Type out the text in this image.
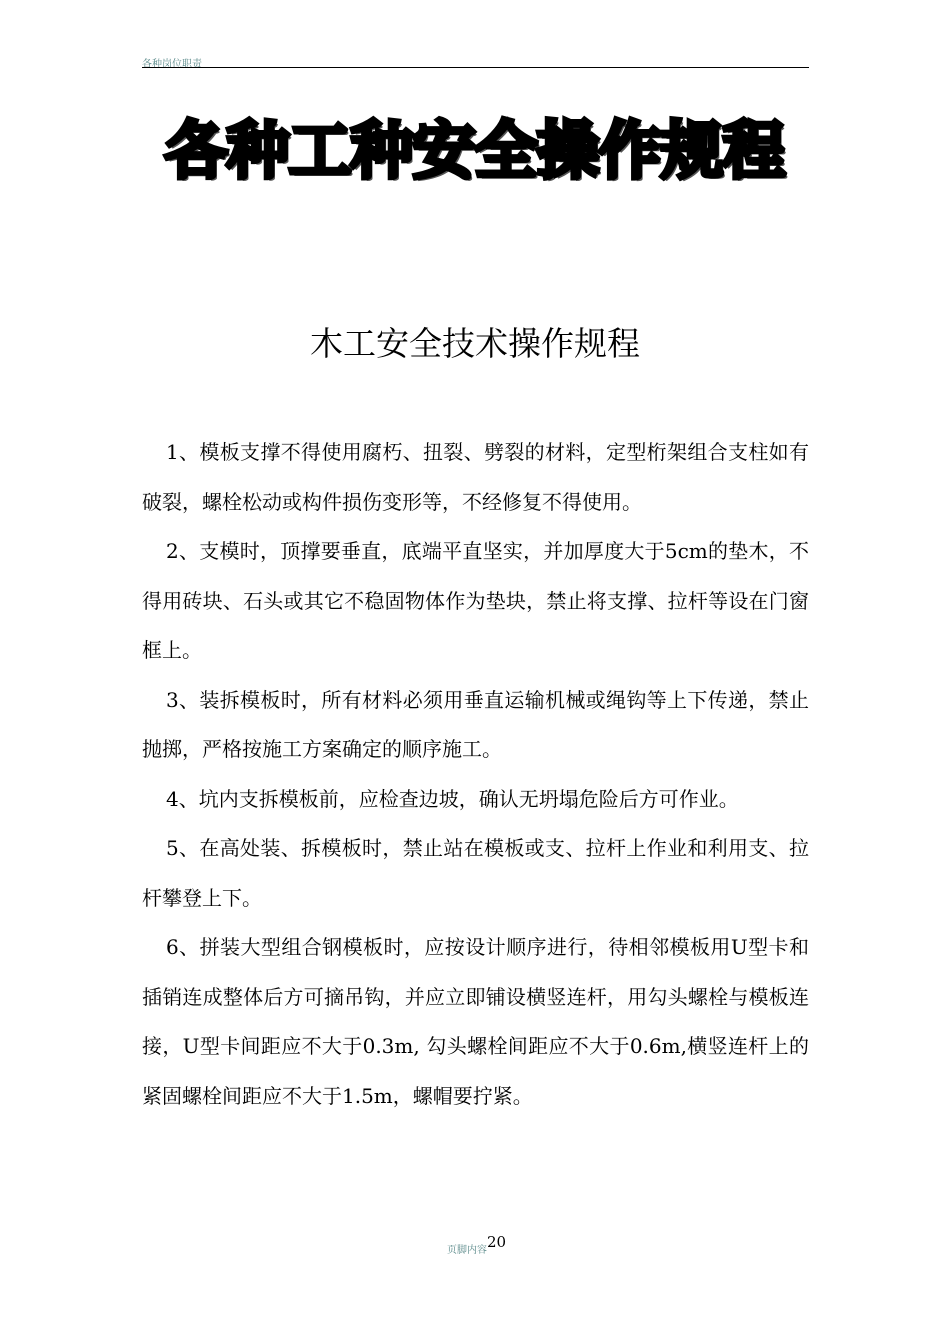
各种岗位职责
各种工种安全操作规程
木工安全技术操作规程

1、模板支撑不得使用腐朽、扭裂、劈裂的材料，定型桁架组合支柱如有破裂，螺栓松动或构件损伤变形等，不经修复不得使用。

2、支模时，顶撑要垂直，底端平直坚实，并加厚度大于5cm的垫木，不得用砖块、石头或其它不稳固物体作为垫块，禁止将支撑、拉杆等设在门窗框上。

3、装拆模板时，所有材料必须用垂直运输机械或绳钩等上下传递，禁止抛掷，严格按施工方案确定的顺序施工。

4、坑内支拆模板前，应检查边坡，确认无坍塌危险后方可作业。

5、在高处装、拆模板时，禁止站在模板或支、拉杆上作业和利用支、拉杆攀登上下。

6、拼装大型组合钢模板时，应按设计顺序进行，待相邻模板用U型卡和插销连成整体后方可摘吊钩，并应立即铺设横竖连杆，用勾头螺栓与模板连接，U型卡间距应不大于0.3m, 勾头螺栓间距应不大于0.6m,横竖连杆上的紧固螺栓间距应不大于1.5m，螺帽要拧紧。

页脚内容 20
